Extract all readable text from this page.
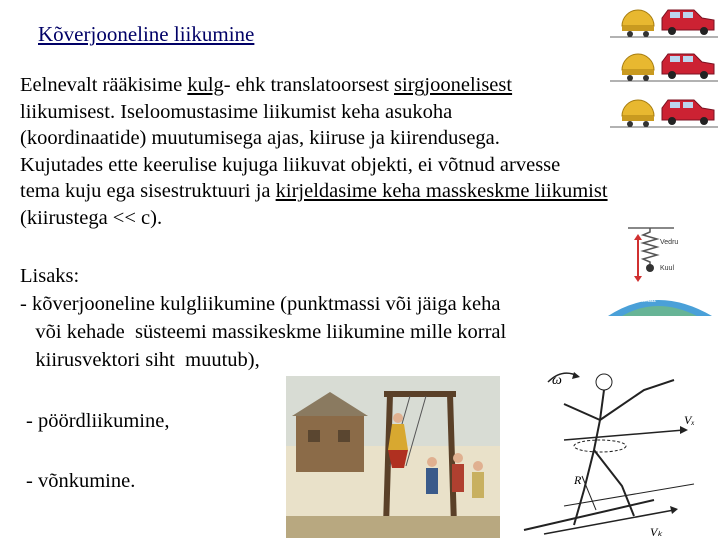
Kõverjooneline liikumine
Eelnevalt rääkisime kulg- ehk translatoorsest sirgjoonelisest
liikumisest. Iseloomustasime liikumist keha asukoha
(koordinaatide) muutumisega ajas, kiiruse ja kiirendusega.
Kujutades ette keerulise kujuga liikuvat objekti, ei võtnud arvesse
tema kuju ega sisestruktuuri ja kirjeldasime keha masskeskme liikumist
(kiirustega << c).
Lisaks:
- kõverjooneline kulgliikumine (punktmassi või jäiga keha
või kehade  süsteemi massikeskme liikumine mille korral
kiirusvektori siht  muutub),
- pöördliikumine,
- võnkumine.
Vedru
Kuul
Maa
ω
Vₓ
R
Vₖ
